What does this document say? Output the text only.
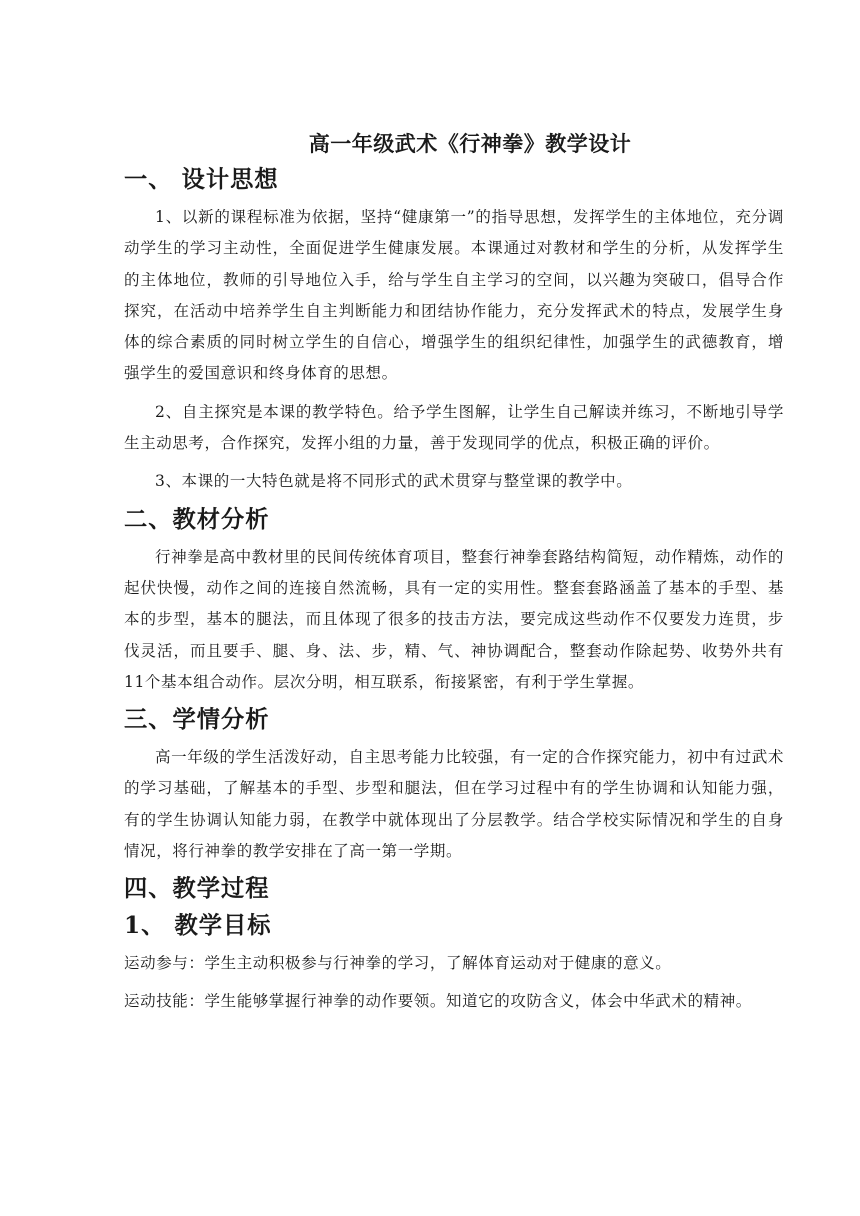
高一年级武术《行神拳》教学设计
一、 设计思想

1、以新的课程标准为依据，坚持“健康第一”的指导思想，发挥学生的主体地位，充分调动学生的学习主动性，全面促进学生健康发展。本课通过对教材和学生的分析，从发挥学生的主体地位，教师的引导地位入手，给与学生自主学习的空间，以兴趣为突破口，倡导合作探究，在活动中培养学生自主判断能力和团结协作能力，充分发挥武术的特点，发展学生身体的综合素质的同时树立学生的自信心，增强学生的组织纪律性，加强学生的武德教育，增强学生的爱国意识和终身体育的思想。

2、自主探究是本课的教学特色。给予学生图解，让学生自己解读并练习，不断地引导学生主动思考，合作探究，发挥小组的力量，善于发现同学的优点，积极正确的评价。

3、本课的一大特色就是将不同形式的武术贯穿与整堂课的教学中。

二、教材分析

行神拳是高中教材里的民间传统体育项目，整套行神拳套路结构简短，动作精炼，动作的起伏快慢，动作之间的连接自然流畅，具有一定的实用性。整套套路涵盖了基本的手型、基本的步型，基本的腿法，而且体现了很多的技击方法，要完成这些动作不仅要发力连贯，步伐灵活，而且要手、腿、身、法、步，精、气、神协调配合，整套动作除起势、收势外共有11个基本组合动作。层次分明，相互联系，衔接紧密，有利于学生掌握。

三、学情分析

高一年级的学生活泼好动，自主思考能力比较强，有一定的合作探究能力，初中有过武术的学习基础，了解基本的手型、步型和腿法，但在学习过程中有的学生协调和认知能力强，有的学生协调认知能力弱，在教学中就体现出了分层教学。结合学校实际情况和学生的自身情况，将行神拳的教学安排在了高一第一学期。

四、教学过程
1、 教学目标

运动参与：学生主动积极参与行神拳的学习，了解体育运动对于健康的意义。

运动技能：学生能够掌握行神拳的动作要领。知道它的攻防含义，体会中华武术的精神。
